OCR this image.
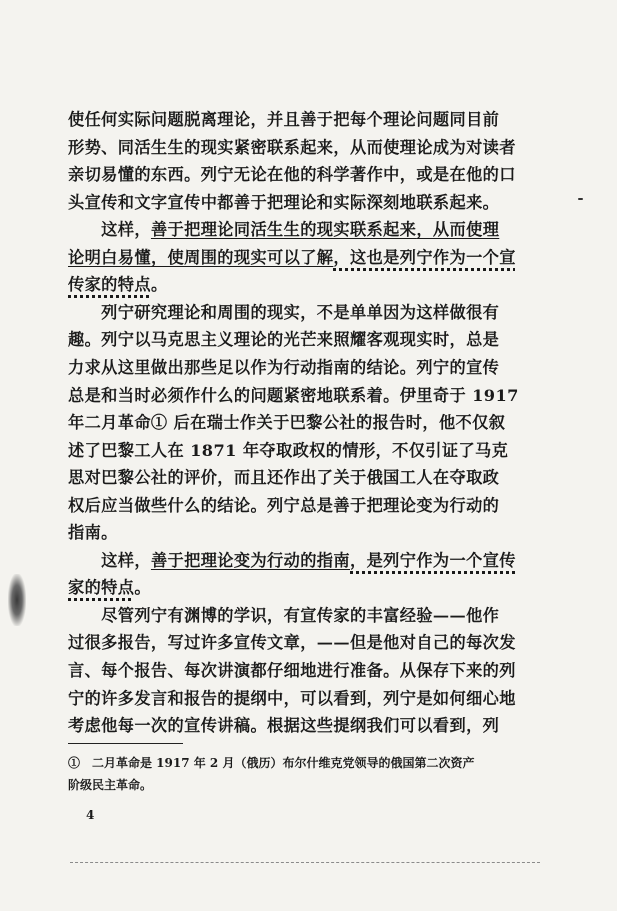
使任何实际问题脱离理论，并且善于把每个理论问题同目前
形势、同活生生的现实紧密联系起来，从而使理论成为对读者
亲切易懂的东西。列宁无论在他的科学著作中，或是在他的口
头宣传和文字宣传中都善于把理论和实际深刻地联系起来。
　　这样，善于把理论同活生生的现实联系起来，从而使理
论明白易懂，使周围的现实可以了解，这也是列宁作为一个宣
传家的特点。
　　列宁研究理论和周围的现实，不是单单因为这样做很有
趣。列宁以马克思主义理论的光芒来照耀客观现实时，总是
力求从这里做出那些足以作为行动指南的结论。列宁的宣传
总是和当时必须作什么的问题紧密地联系着。伊里奇于 1917
年二月革命① 后在瑞士作关于巴黎公社的报告时，他不仅叙
述了巴黎工人在 1871 年夺取政权的情形，不仅引证了马克
思对巴黎公社的评价，而且还作出了关于俄国工人在夺取政
权后应当做些什么的结论。列宁总是善于把理论变为行动的
指南。
　　这样，善于把理论变为行动的指南，是列宁作为一个宣传
家的特点。
　　尽管列宁有渊博的学识，有宣传家的丰富经验——他作
过很多报告，写过许多宣传文章，——但是他对自己的每次发
①　二月革命是 1917 年 2 月（俄历）布尔什维克党领导的俄国第二次资产
阶级民主革命。
4
言、每个报告、每次讲演都仔细地进行准备。从保存下来的列
宁的许多发言和报告的提纲中，可以看到，列宁是如何细心地
考虑他每一次的宣传讲稿。根据这些提纲我们可以看到，列
